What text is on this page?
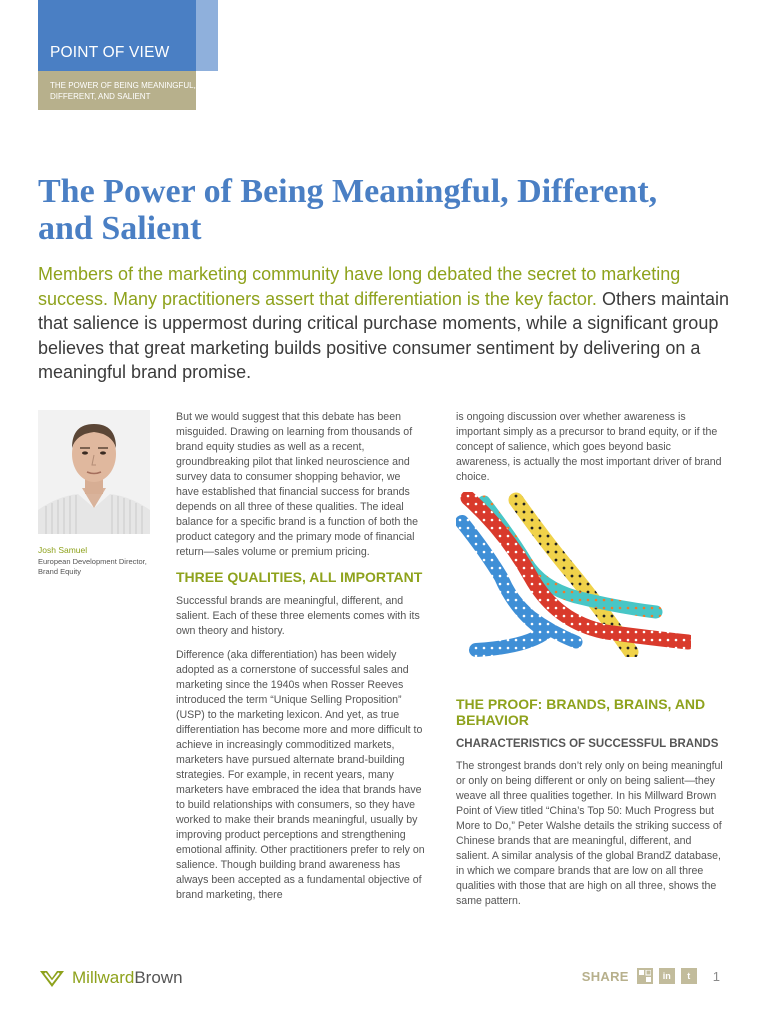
POINT OF VIEW
THE POWER OF BEING MEANINGFUL, DIFFERENT, AND SALIENT
The Power of Being Meaningful, Different, and Salient

Members of the marketing community have long debated the secret to marketing success. Many practitioners assert that differentiation is the key factor. Others maintain that salience is uppermost during critical purchase moments, while a significant group believes that great marketing builds positive consumer sentiment by delivering on a meaningful brand promise.

Josh Samuel
European Development Director, Brand Equity

But we would suggest that this debate has been misguided. Drawing on learning from thousands of brand equity studies as well as a recent, groundbreaking pilot that linked neuroscience and survey data to consumer shopping behavior, we have established that financial success for brands depends on all three of these qualities. The ideal balance for a specific brand is a function of both the product category and the primary mode of financial return—sales volume or premium pricing.

THREE QUALITIES, ALL IMPORTANT

Successful brands are meaningful, different, and salient. Each of these three elements comes with its own theory and history.

Difference (aka differentiation) has been widely adopted as a cornerstone of successful sales and marketing since the 1940s when Rosser Reeves introduced the term “Unique Selling Proposition” (USP) to the marketing lexicon. And yet, as true differentiation has become more and more difficult to achieve in increasingly commoditized markets, marketers have pursued alternate brand-building strategies. For example, in recent years, many marketers have embraced the idea that brands have to build relationships with consumers, so they have worked to make their brands meaningful, usually by improving product perceptions and strengthening emotional affinity. Other practitioners prefer to rely on salience. Though building brand awareness has always been accepted as a fundamental objective of brand marketing, there

is ongoing discussion over whether awareness is important simply as a precursor to brand equity, or if the concept of salience, which goes beyond basic awareness, is actually the most important driver of brand choice.

THE PROOF: BRANDS, BRAINS, AND BEHAVIOR
CHARACTERISTICS OF SUCCESSFUL BRANDS

The strongest brands don’t rely only on being meaningful or only on being different or only on being salient—they weave all three qualities together. In his Millward Brown Point of View titled “China’s Top 50: Much Progress but More to Do,” Peter Walshe details the striking success of Chinese brands that are meaningful, different, and salient. A similar analysis of the global BrandZ database, in which we compare brands that are low on all three qualities with those that are high on all three, shows the same pattern.

MillwardBrown	SHARE	in	t	1
